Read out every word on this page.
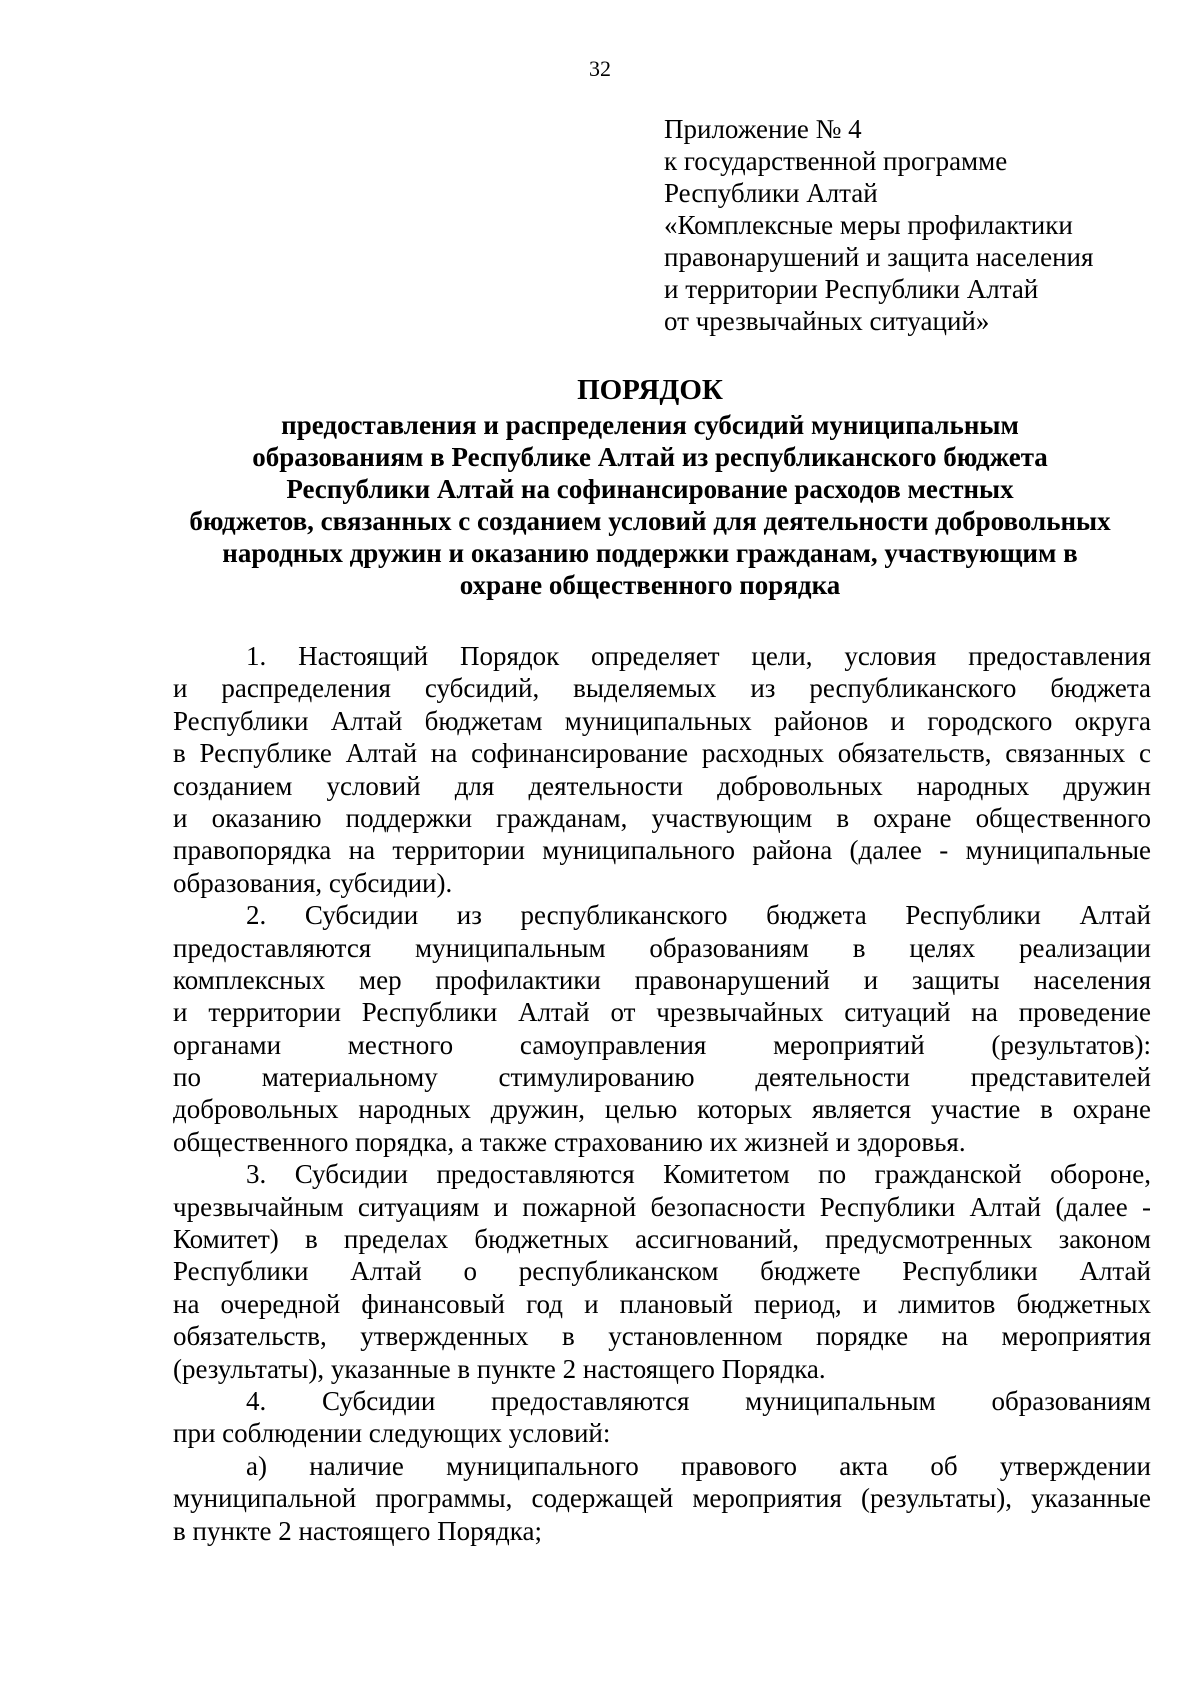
32
Приложение № 4
к государственной программе
Республики Алтай
«Комплексные меры профилактики
правонарушений и защита населения
и территории Республики Алтай
от чрезвычайных ситуаций»
ПОРЯДОК
предоставления и распределения субсидий муниципальным
образованиям в Республике Алтай из республиканского бюджета
Республики Алтай на софинансирование расходов местных
бюджетов, связанных с созданием условий для деятельности добровольных
народных дружин и оказанию поддержки гражданам, участвующим в
охране общественного порядка
1. Настоящий Порядок определяет цели, условия предоставления
и распределения субсидий, выделяемых из республиканского бюджета
Республики Алтай бюджетам муниципальных районов и городского округа
в Республике Алтай на софинансирование расходных обязательств, связанных с
созданием условий для деятельности добровольных народных дружин
и оказанию поддержки гражданам, участвующим в охране общественного
правопорядка на территории муниципального района (далее - муниципальные
образования, субсидии).
2. Субсидии из республиканского бюджета Республики Алтай
предоставляются муниципальным образованиям в целях реализации
комплексных мер профилактики правонарушений и защиты населения
и территории Республики Алтай от чрезвычайных ситуаций на проведение
органами местного самоуправления мероприятий (результатов):
по материальному стимулированию деятельности представителей
добровольных народных дружин, целью которых является участие в охране
общественного порядка, а также страхованию их жизней и здоровья.
3. Субсидии предоставляются Комитетом по гражданской обороне,
чрезвычайным ситуациям и пожарной безопасности Республики Алтай (далее -
Комитет) в пределах бюджетных ассигнований, предусмотренных законом
Республики Алтай о республиканском бюджете Республики Алтай
на очередной финансовый год и плановый период, и лимитов бюджетных
обязательств, утвержденных в установленном порядке на мероприятия
(результаты), указанные в пункте 2 настоящего Порядка.
4. Субсидии предоставляются муниципальным образованиям
при соблюдении следующих условий:
а) наличие муниципального правового акта об утверждении
муниципальной программы, содержащей мероприятия (результаты), указанные
в пункте 2 настоящего Порядка;
